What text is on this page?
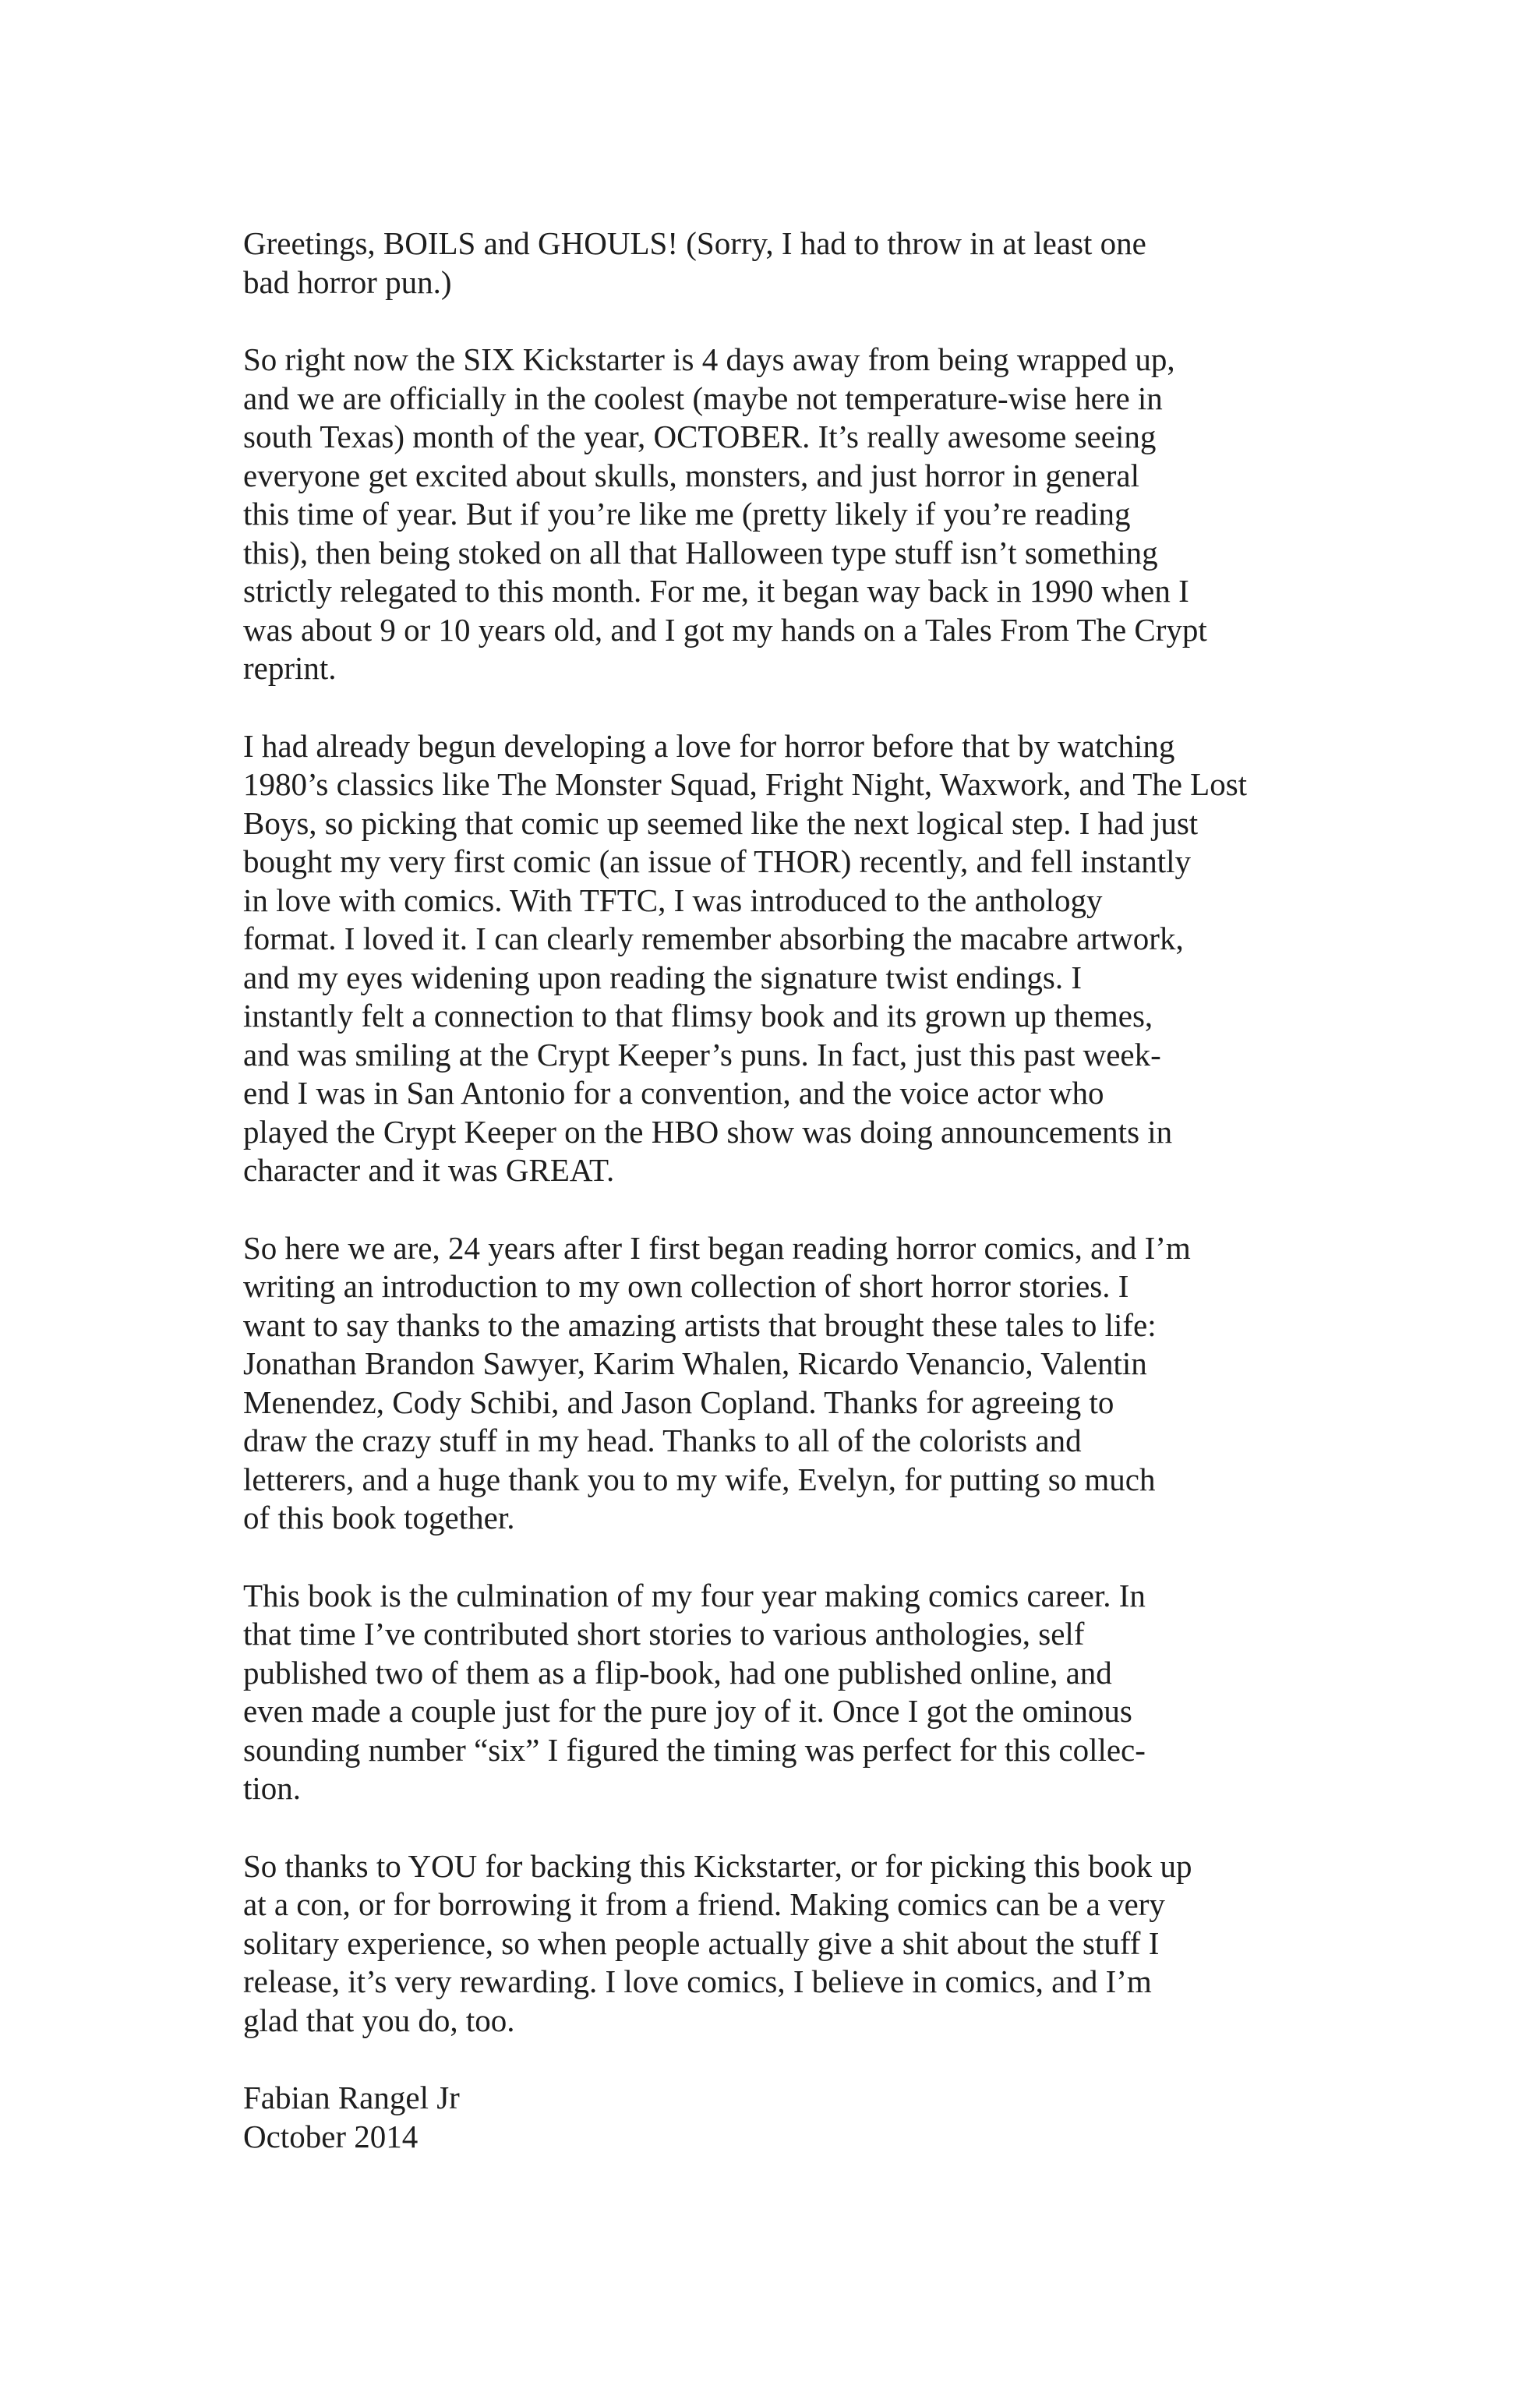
Greetings, BOILS and GHOULS! (Sorry, I had to throw in at least one
bad horror pun.)
So right now the SIX Kickstarter is 4 days away from being wrapped up,
and we are officially in the coolest (maybe not temperature-wise here in
south Texas) month of the year, OCTOBER. It’s really awesome seeing
everyone get excited about skulls, monsters, and just horror in general
this time of year. But if you’re like me (pretty likely if you’re reading
this), then being stoked on all that Halloween type stuff isn’t something
strictly relegated to this month. For me, it began way back in 1990 when I
was about 9 or 10 years old, and I got my hands on a Tales From The Crypt
reprint.
I had already begun developing a love for horror before that by watching
1980’s classics like The Monster Squad, Fright Night, Waxwork, and The Lost
Boys, so picking that comic up seemed like the next logical step. I had just
bought my very first comic (an issue of THOR) recently, and fell instantly
in love with comics. With TFTC, I was introduced to the anthology
format. I loved it. I can clearly remember absorbing the macabre artwork,
and my eyes widening upon reading the signature twist endings. I
instantly felt a connection to that flimsy book and its grown up themes,
and was smiling at the Crypt Keeper’s puns. In fact, just this past week-
end I was in San Antonio for a convention, and the voice actor who
played the Crypt Keeper on the HBO show was doing announcements in
character and it was GREAT.
So here we are, 24 years after I first began reading horror comics, and I’m
writing an introduction to my own collection of short horror stories. I
want to say thanks to the amazing artists that brought these tales to life:
Jonathan Brandon Sawyer, Karim Whalen, Ricardo Venancio, Valentin
Menendez, Cody Schibi, and Jason Copland. Thanks for agreeing to
draw the crazy stuff in my head. Thanks to all of the colorists and
letterers, and a huge thank you to my wife, Evelyn, for putting so much
of this book together.
This book is the culmination of my four year making comics career. In
that time I’ve contributed short stories to various anthologies, self
published two of them as a flip-book, had one published online, and
even made a couple just for the pure joy of it. Once I got the ominous
sounding number “six” I figured the timing was perfect for this collec-
tion.
So thanks to YOU for backing this Kickstarter, or for picking this book up
at a con, or for borrowing it from a friend. Making comics can be a very
solitary experience, so when people actually give a shit about the stuff I
release, it’s very rewarding. I love comics, I believe in comics, and I’m
glad that you do, too.
Fabian Rangel Jr
October 2014
